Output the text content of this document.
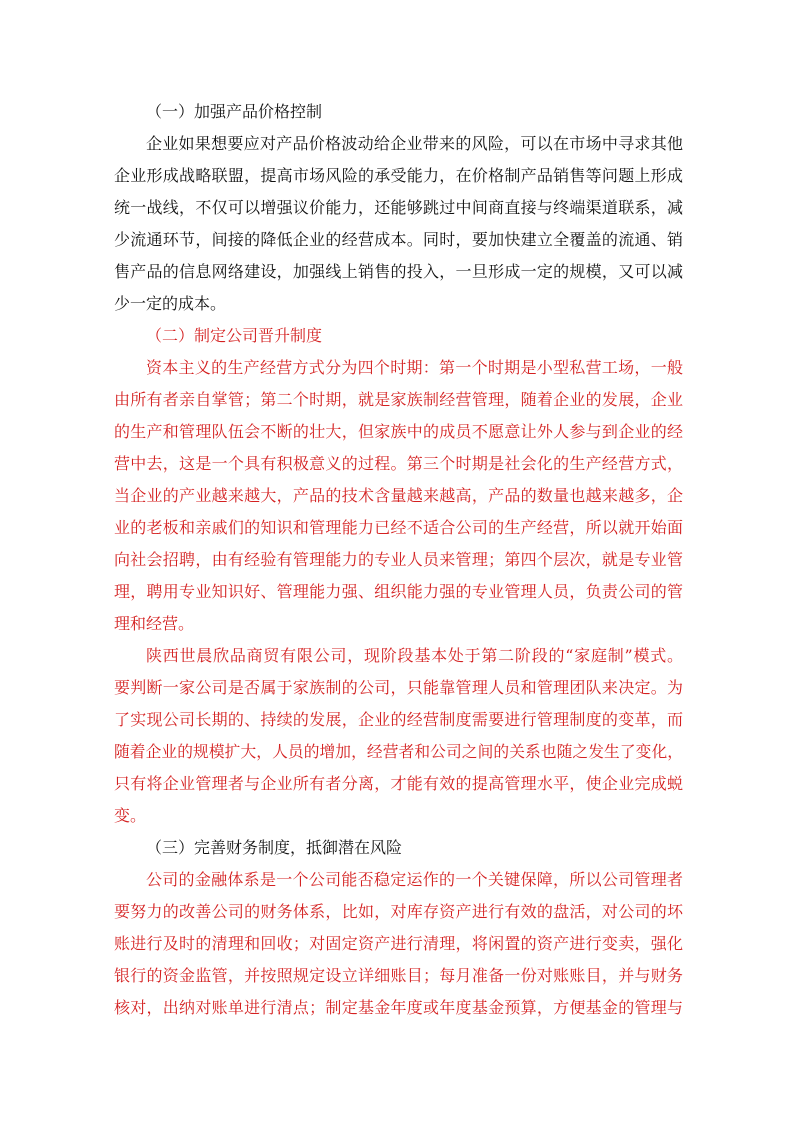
（一）加强产品价格控制
企业如果想要应对产品价格波动给企业带来的风险，可以在市场中寻求其他
企业形成战略联盟，提高市场风险的承受能力，在价格制产品销售等问题上形成
统一战线，不仅可以增强议价能力，还能够跳过中间商直接与终端渠道联系，减
少流通环节，间接的降低企业的经营成本。同时，要加快建立全覆盖的流通、销
售产品的信息网络建设，加强线上销售的投入，一旦形成一定的规模，又可以减
少一定的成本。
（二）制定公司晋升制度
资本主义的生产经营方式分为四个时期：第一个时期是小型私营工场，一般
由所有者亲自掌管；第二个时期，就是家族制经营管理，随着企业的发展，企业
的生产和管理队伍会不断的壮大，但家族中的成员不愿意让外人参与到企业的经
营中去，这是一个具有积极意义的过程。第三个时期是社会化的生产经营方式，
当企业的产业越来越大，产品的技术含量越来越高，产品的数量也越来越多，企
业的老板和亲戚们的知识和管理能力已经不适合公司的生产经营，所以就开始面
向社会招聘，由有经验有管理能力的专业人员来管理；第四个层次，就是专业管
理，聘用专业知识好、管理能力强、组织能力强的专业管理人员，负责公司的管
理和经营。
陕西世晨欣品商贸有限公司，现阶段基本处于第二阶段的“家庭制”模式。
要判断一家公司是否属于家族制的公司，只能靠管理人员和管理团队来决定。为
了实现公司长期的、持续的发展，企业的经营制度需要进行管理制度的变革，而
随着企业的规模扩大，人员的增加，经营者和公司之间的关系也随之发生了变化，
只有将企业管理者与企业所有者分离，才能有效的提高管理水平，使企业完成蜕
变。
（三）完善财务制度，抵御潜在风险
公司的金融体系是一个公司能否稳定运作的一个关键保障，所以公司管理者
要努力的改善公司的财务体系，比如，对库存资产进行有效的盘活，对公司的坏
账进行及时的清理和回收；对固定资产进行清理，将闲置的资产进行变卖，强化
银行的资金监管，并按照规定设立详细账目；每月准备一份对账账目，并与财务
核对，出纳对账单进行清点；制定基金年度或年度基金预算，方便基金的管理与
